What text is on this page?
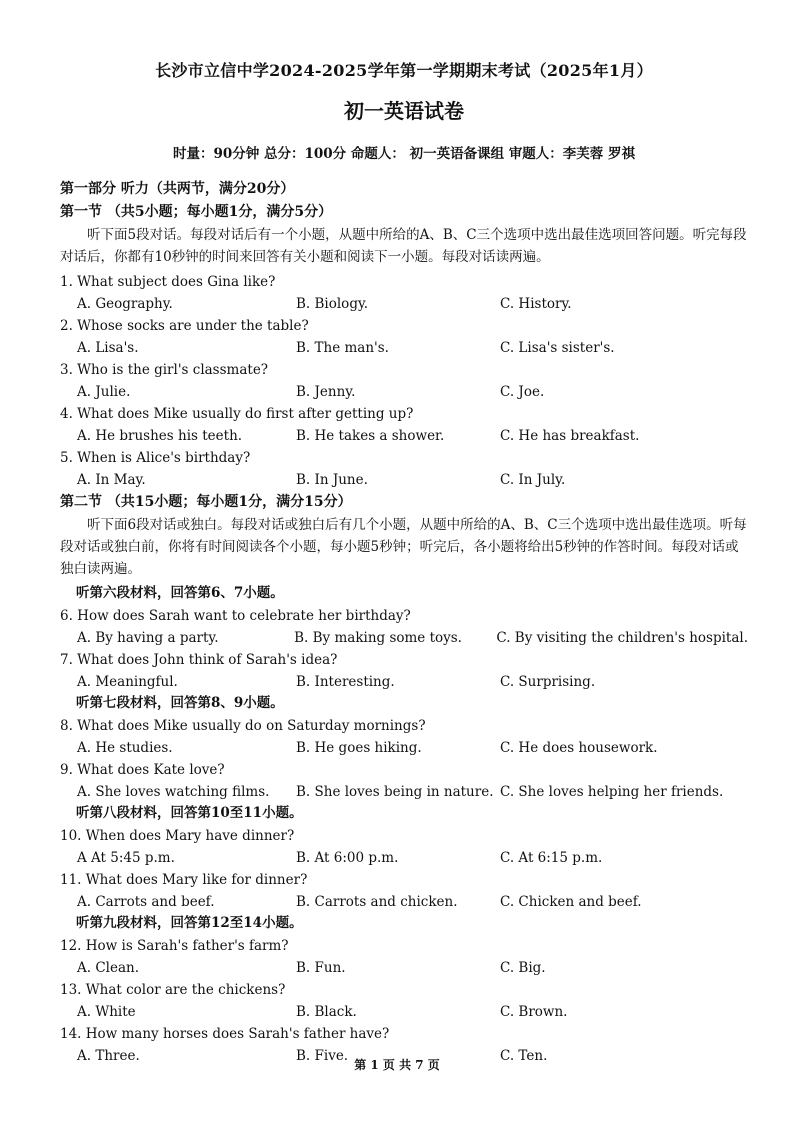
长沙市立信中学2024-2025学年第一学期期末考试（2025年1月）
初一英语试卷
时量：90分钟 总分：100分 命题人： 初一英语备课组 审题人：李芙蓉 罗祺
第一部分 听力（共两节，满分20分）
第一节 （共5小题；每小题1分，满分5分）
听下面5段对话。每段对话后有一个小题，从题中所给的A、B、C三个选项中选出最佳选项回答问题。听完每段对话后，你都有10秒钟的时间来回答有关小题和阅读下一小题。每段对话读两遍。
1. What subject does Gina like?
A. Geography.	B. Biology.	C. History.
2. Whose socks are under the table?
A. Lisa's.	B. The man's.	C. Lisa's sister's.
3. Who is the girl's classmate?
A. Julie.	B. Jenny.	C. Joe.
4. What does Mike usually do first after getting up?
A. He brushes his teeth.	B. He takes a shower.	C. He has breakfast.
5. When is Alice's birthday?
A. In May.	B. In June.	C. In July.
第二节 （共15小题；每小题1分，满分15分）
听下面6段对话或独白。每段对话或独白后有几个小题，从题中所给的A、B、C三个选项中选出最佳选项。听每段对话或独白前，你将有时间阅读各个小题，每小题5秒钟；听完后，各小题将给出5秒钟的作答时间。每段对话或独白读两遍。
听第六段材料，回答第6、7小题。
6. How does Sarah want to celebrate her birthday?
A. By having a party.	B. By making some toys.	C. By visiting the children's hospital.
7. What does John think of Sarah's idea?
A. Meaningful.	B. Interesting.	C. Surprising.
听第七段材料，回答第8、9小题。
8. What does Mike usually do on Saturday mornings?
A. He studies.	B. He goes hiking.	C. He does housework.
9. What does Kate love?
A. She loves watching films.	B. She loves being in nature. C. She loves helping her friends.
听第八段材料，回答第10至11小题。
10. When does Mary have dinner?
A At 5:45 p.m.	B. At 6:00 p.m.	C. At 6:15 p.m.
11. What does Mary like for dinner?
A. Carrots and beef.	B. Carrots and chicken.	C. Chicken and beef.
听第九段材料，回答第12至14小题。
12. How is Sarah's father's farm?
A. Clean.	B. Fun.	C. Big.
13. What color are the chickens?
A. White	B. Black.	C. Brown.
14. How many horses does Sarah's father have?
A. Three.	B. Five.	C. Ten.
第 1 页 共 7 页
